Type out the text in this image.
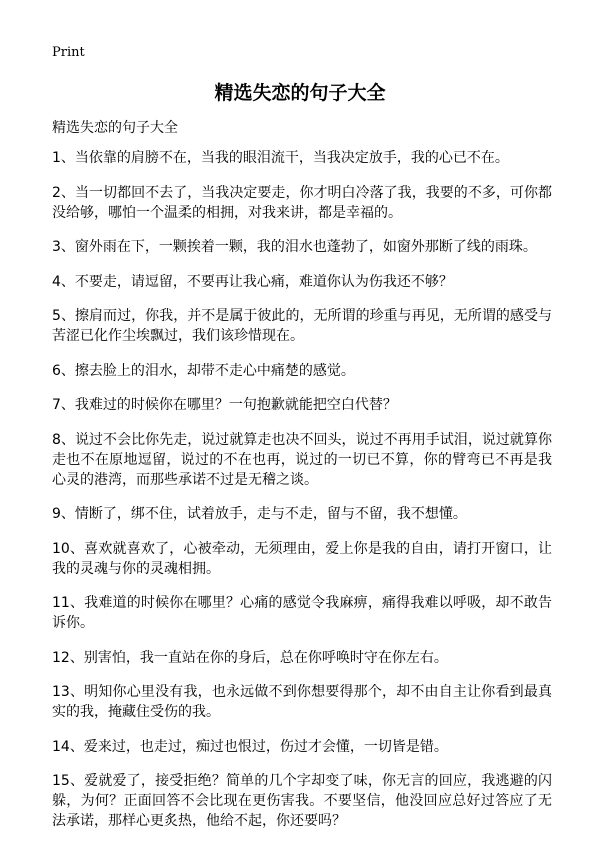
Print
精选失恋的句子大全

精选失恋的句子大全

1、当依靠的肩膀不在，当我的眼泪流干，当我决定放手，我的心已不在。
2、当一切都回不去了，当我决定要走，你才明白冷落了我，我要的不多，可你都没给够，哪怕一个温柔的相拥，对我来讲，都是幸福的。
3、窗外雨在下，一颗挨着一颗，我的泪水也蓬勃了，如窗外那断了线的雨珠。
4、不要走，请逗留，不要再让我心痛，难道你认为伤我还不够？
5、擦肩而过，你我，并不是属于彼此的，无所谓的珍重与再见，无所谓的感受与苦涩已化作尘埃飘过，我们该珍惜现在。
6、擦去脸上的泪水，却带不走心中痛楚的感觉。
7、我难过的时候你在哪里？一句抱歉就能把空白代替？
8、说过不会比你先走，说过就算走也决不回头，说过不再用手试泪，说过就算你走也不在原地逗留，说过的不在也再，说过的一切已不算，你的臂弯已不再是我心灵的港湾，而那些承诺不过是无稽之谈。
9、情断了，绑不住，试着放手，走与不走，留与不留，我不想懂。
10、喜欢就喜欢了，心被牵动，无须理由，爱上你是我的自由，请打开窗口，让我的灵魂与你的灵魂相拥。
11、我难道的时候你在哪里？心痛的感觉令我麻痹，痛得我难以呼吸，却不敢告诉你。
12、别害怕，我一直站在你的身后，总在你呼唤时守在你左右。
13、明知你心里没有我，也永远做不到你想要得那个，却不由自主让你看到最真实的我，掩藏住受伤的我。
14、爱来过，也走过，痴过也恨过，伤过才会懂，一切皆是错。
15、爱就爱了，接受拒绝？简单的几个字却变了味，你无言的回应，我逃避的闪躲，为何？正面回答不会比现在更伤害我。不要坚信，他没回应总好过答应了无法承诺，那样心更炙热，他给不起，你还要吗？
